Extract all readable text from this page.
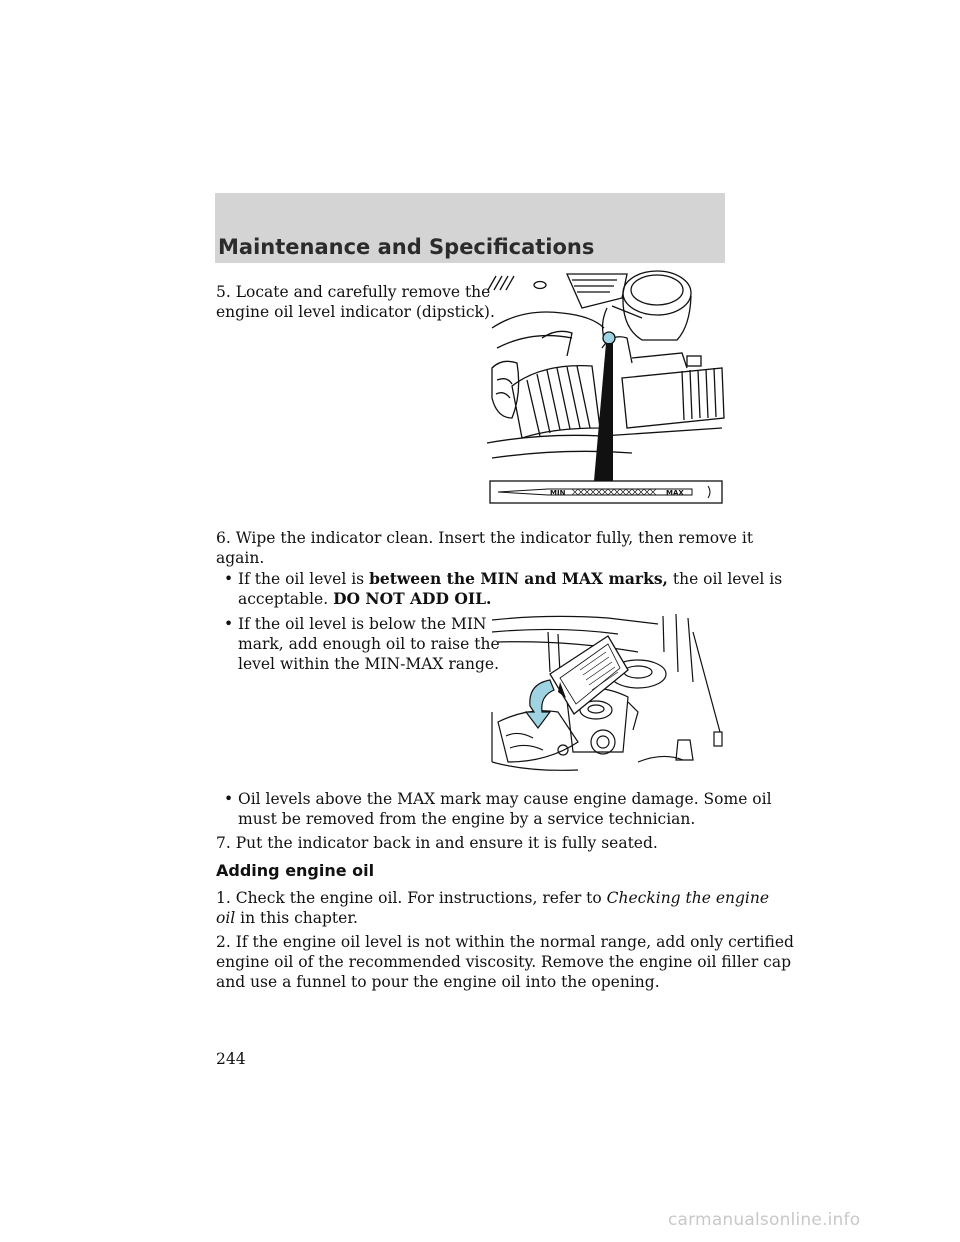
Maintenance and Specifications
5. Locate and carefully remove the
engine oil level indicator (dipstick).
MIN	MAX
6. Wipe the indicator clean. Insert the indicator fully, then remove it
again.
• If the oil level is between the MIN and MAX marks, the oil level is
acceptable. DO NOT ADD OIL.
• If the oil level is below the MIN
mark, add enough oil to raise the
level within the MIN-MAX range.
• Oil levels above the MAX mark may cause engine damage. Some oil
must be removed from the engine by a service technician.
7. Put the indicator back in and ensure it is fully seated.
Adding engine oil
1. Check the engine oil. For instructions, refer to Checking the engine
oil in this chapter.
2. If the engine oil level is not within the normal range, add only certified
engine oil of the recommended viscosity. Remove the engine oil filler cap
and use a funnel to pour the engine oil into the opening.
244
carmanualsonline.info
